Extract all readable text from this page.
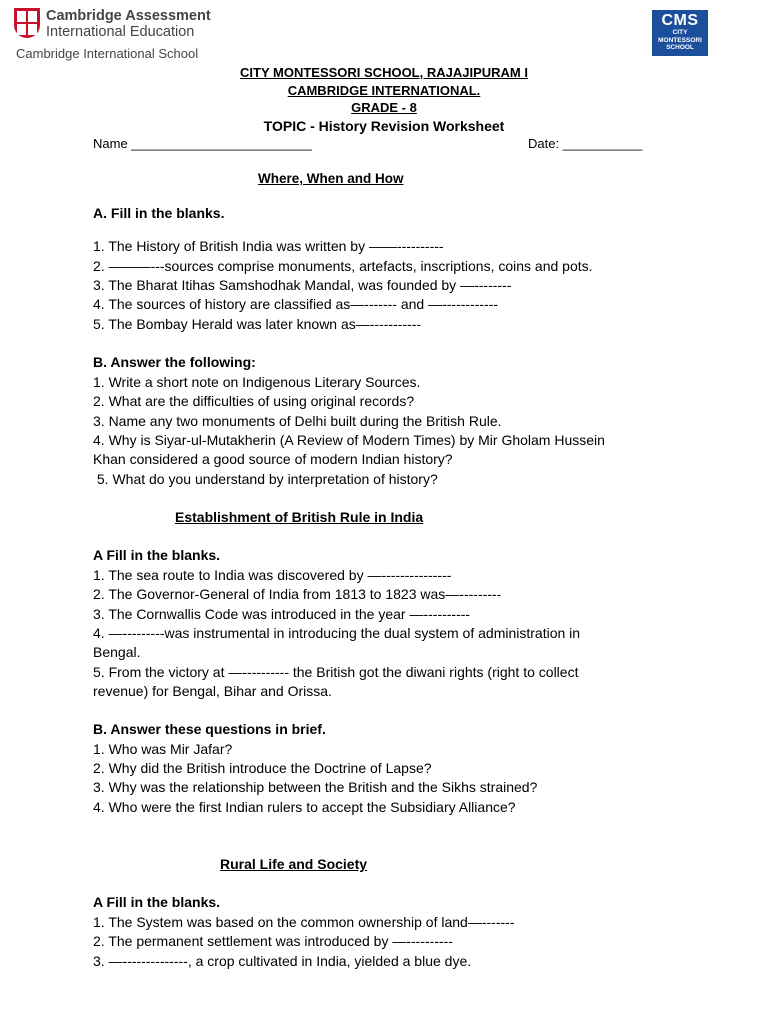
Cambridge Assessment
International Education
Cambridge International School
CMS
CITY
MONTESSORI
SCHOOL
CITY MONTESSORI SCHOOL, RAJAJIPURAM I
CAMBRIDGE INTERNATIONAL.
GRADE - 8
TOPIC - History Revision Worksheet
Name _________________________	Date: ___________
Where, When and How
A. Fill in the blanks.
1. The History of British India was written by ——----------
2. ———---sources comprise monuments, artefacts, inscriptions, coins and pots.
3. The Bharat Itihas Samshodhak Mandal, was founded by —--------
4. The sources of history are classified as—------- and —------------
5. The Bombay Herald was later known as—-----------
B. Answer the following:
1. Write a short note on Indigenous Literary Sources.
2. What are the difficulties of using original records?
3. Name any two monuments of Delhi built during the British Rule.
4. Why is Siyar-ul-Mutakherin (A Review of Modern Times) by Mir Gholam Hussein
Khan considered a good source of modern Indian history?
5. What do you understand by interpretation of history?
Establishment of British Rule in India
A Fill in the blanks.
1. The sea route to India was discovered by —---------------
2. The Governor-General of India from 1813 to 1823 was—---------
3. The Cornwallis Code was introduced in the year —----------
4. —---------was instrumental in introducing the dual system of administration in
Bengal.
5. From the victory at —---------- the British got the diwani rights (right to collect
revenue) for Bengal, Bihar and Orissa.
B. Answer these questions in brief.
1. Who was Mir Jafar?
2. Why did the British introduce the Doctrine of Lapse?
3. Why was the relationship between the British and the Sikhs strained?
4. Who were the first Indian rulers to accept the Subsidiary Alliance?
Rural Life and Society
A Fill in the blanks.
1. The System was based on the common ownership of land—-------
2. The permanent settlement was introduced by —----------
3. —--------------, a crop cultivated in India, yielded a blue dye.
